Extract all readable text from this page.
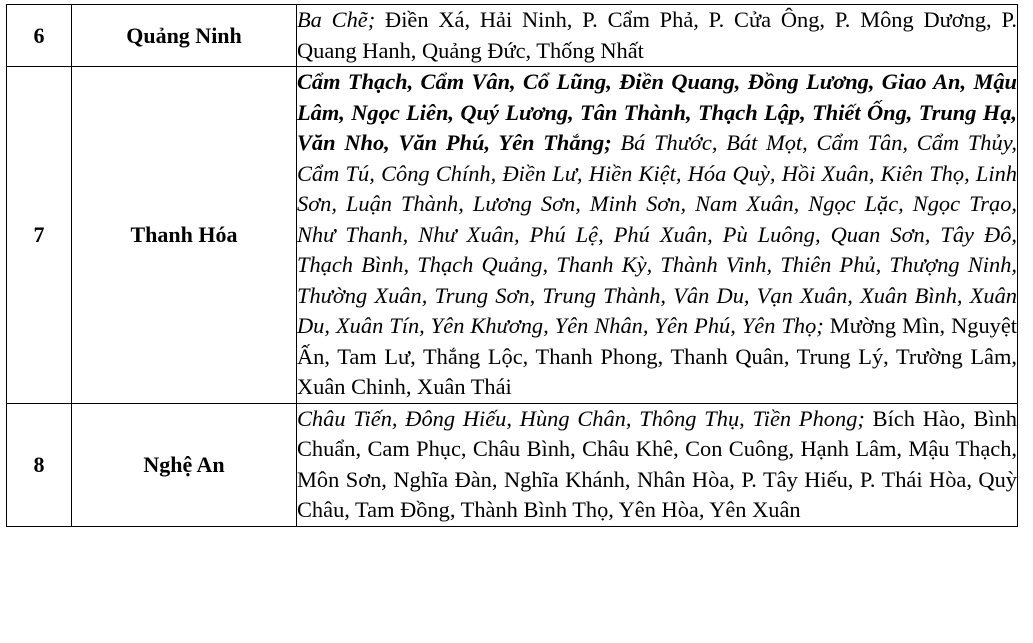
6	Quảng Ninh	Ba Chẽ; Điền Xá, Hải Ninh, P. Cẩm Phả, P. Cửa Ông, P. Mông Dương, P. Quang Hanh, Quảng Đức, Thống Nhất
7	Thanh Hóa	Cẩm Thạch, Cẩm Vân, Cổ Lũng, Điền Quang, Đồng Lương, Giao An, Mậu Lâm, Ngọc Liên, Quý Lương, Tân Thành, Thạch Lập, Thiết Ống, Trung Hạ, Văn Nho, Văn Phú, Yên Thắng; Bá Thước, Bát Mọt, Cẩm Tân, Cẩm Thủy, Cẩm Tú, Công Chính, Điền Lư, Hiền Kiệt, Hóa Quỳ, Hồi Xuân, Kiên Thọ, Linh Sơn, Luận Thành, Lương Sơn, Minh Sơn, Nam Xuân, Ngọc Lặc, Ngọc Trạo, Như Thanh, Như Xuân, Phú Lệ, Phú Xuân, Pù Luông, Quan Sơn, Tây Đô, Thạch Bình, Thạch Quảng, Thanh Kỳ, Thành Vinh, Thiên Phủ, Thượng Ninh, Thường Xuân, Trung Sơn, Trung Thành, Vân Du, Vạn Xuân, Xuân Bình, Xuân Du, Xuân Tín, Yên Khương, Yên Nhân, Yên Phú, Yên Thọ; Mường Mìn, Nguyệt Ấn, Tam Lư, Thắng Lộc, Thanh Phong, Thanh Quân, Trung Lý, Trường Lâm, Xuân Chinh, Xuân Thái
8	Nghệ An	Châu Tiến, Đông Hiếu, Hùng Chân, Thông Thụ, Tiền Phong; Bích Hào, Bình Chuẩn, Cam Phục, Châu Bình, Châu Khê, Con Cuông, Hạnh Lâm, Mậu Thạch, Môn Sơn, Nghĩa Đàn, Nghĩa Khánh, Nhân Hòa, P. Tây Hiếu, P. Thái Hòa, Quỳ Châu, Tam Đồng, Thành Bình Thọ, Yên Hòa, Yên Xuân
